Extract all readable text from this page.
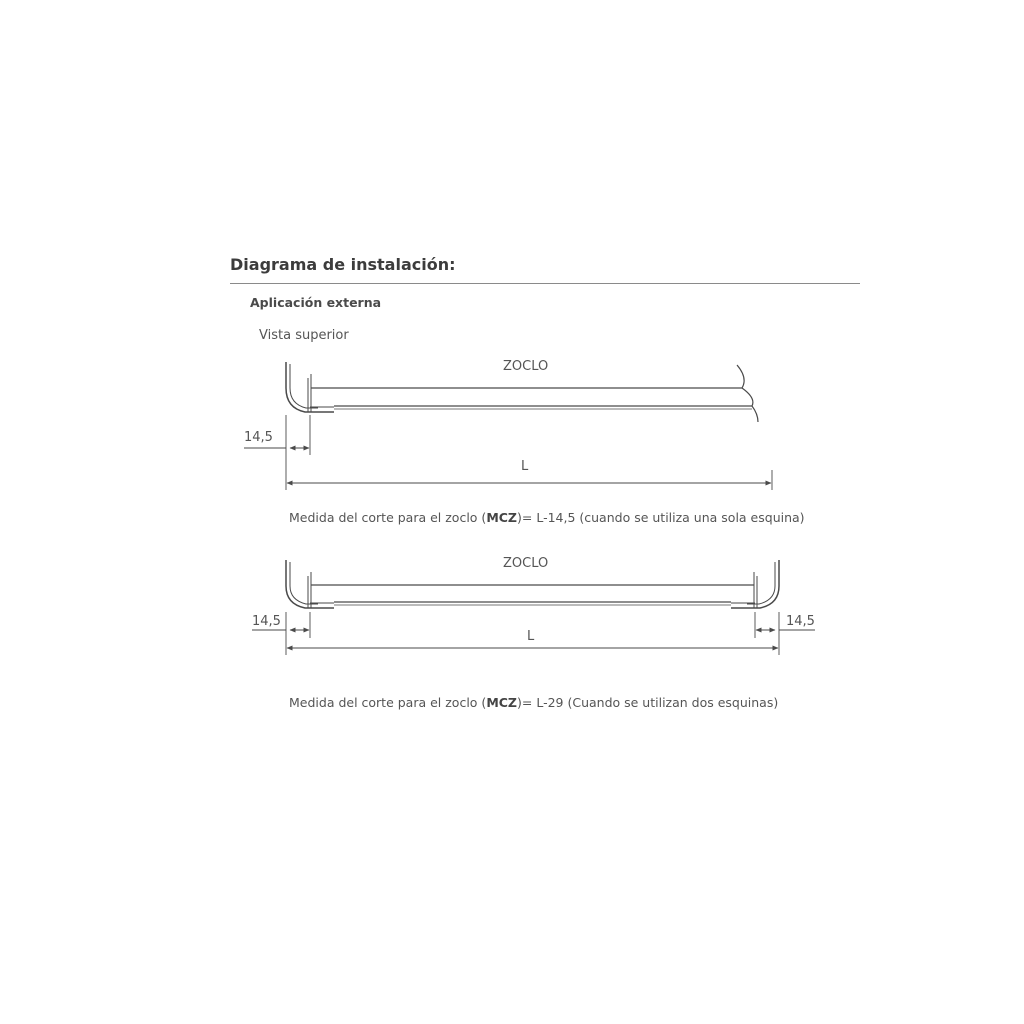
Diagrama de instalación:
Aplicación externa
Vista superior
ZOCLO
14,5
L
ZOCLO
14,5	14,5
L
Medida del corte para el zoclo (MCZ)= L-14,5 (cuando se utiliza una sola esquina)
Medida del corte para el zoclo (MCZ)= L-29 (Cuando se utilizan dos esquinas)
